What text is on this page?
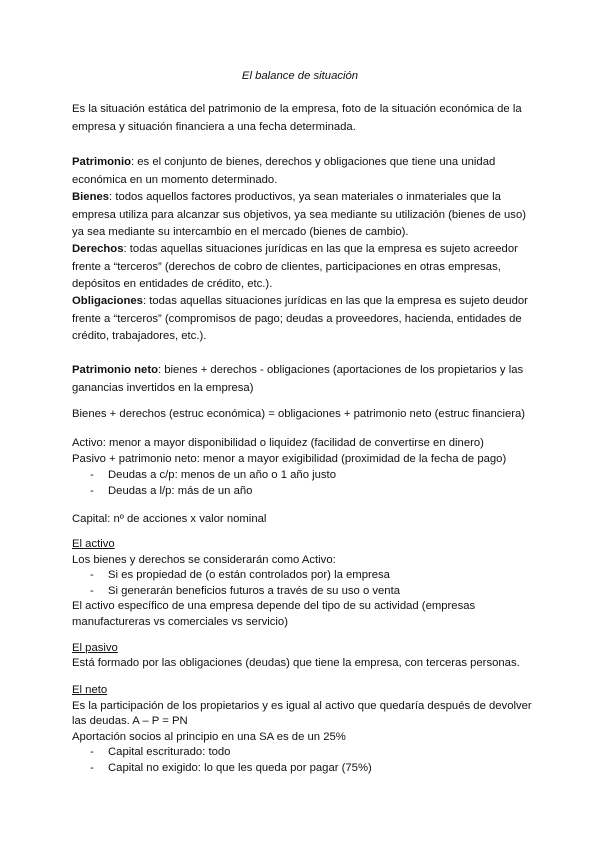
El balance de situación
Es la situación estática del patrimonio de la empresa, foto de la situación económica de la
empresa y situación financiera a una fecha determinada.
Patrimonio: es el conjunto de bienes, derechos y obligaciones que tiene una unidad
económica en un momento determinado.
Bienes: todos aquellos factores productivos, ya sean materiales o inmateriales que la
empresa utiliza para alcanzar sus objetivos, ya sea mediante su utilización (bienes de uso)
ya sea mediante su intercambio en el mercado (bienes de cambio).
Derechos: todas aquellas situaciones jurídicas en las que la empresa es sujeto acreedor
frente a “terceros” (derechos de cobro de clientes, participaciones en otras empresas,
depósitos en entidades de crédito, etc.).
Obligaciones: todas aquellas situaciones jurídicas en las que la empresa es sujeto deudor
frente a “terceros” (compromisos de pago; deudas a proveedores, hacienda, entidades de
crédito, trabajadores, etc.).
Patrimonio neto: bienes + derechos - obligaciones (aportaciones de los propietarios y las
ganancias invertidos en la empresa)
Bienes + derechos (estruc económica) = obligaciones + patrimonio neto (estruc financiera)
Activo: menor a mayor disponibilidad o liquidez (facilidad de convertirse en dinero)
Pasivo + patrimonio neto: menor a mayor exigibilidad (proximidad de la fecha de pago)
- Deudas a c/p: menos de un año o 1 año justo
- Deudas a l/p: más de un año
Capital: nº de acciones x valor nominal
El activo
Los bienes y derechos se considerarán como Activo:
- Si es propiedad de (o están controlados por) la empresa
- Si generarán beneficios futuros a través de su uso o venta
El activo específico de una empresa depende del tipo de su actividad (empresas
manufactureras vs comerciales vs servicio)
El pasivo
Está formado por las obligaciones (deudas) que tiene la empresa, con terceras personas.
El neto
Es la participación de los propietarios y es igual al activo que quedaría después de devolver
las deudas. A – P = PN
Aportación socios al principio en una SA es de un 25%
- Capital escriturado: todo
- Capital no exigido: lo que les queda por pagar (75%)
